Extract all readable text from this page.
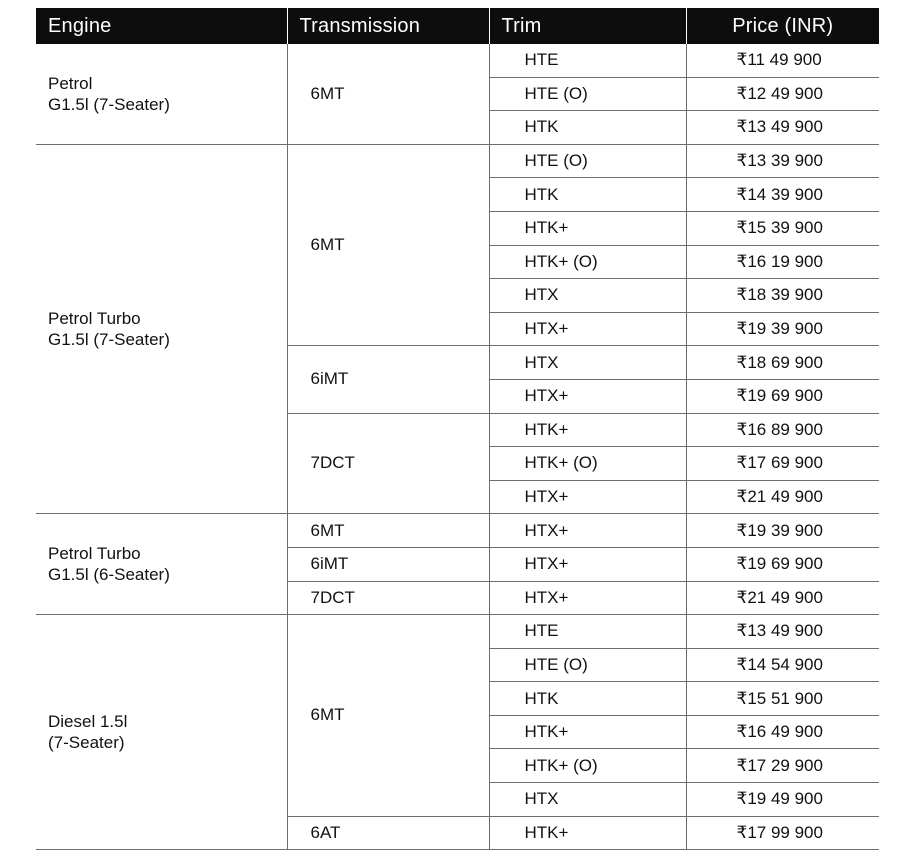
Engine	Transmission	Trim	Price (INR)

Petrol
G1.5l (7-Seater)	6MT	HTE	₹11 49 900
		HTE (O)	₹12 49 900
		HTK	₹13 49 900

Petrol Turbo
G1.5l (7-Seater)	6MT	HTE (O)	₹13 39 900
		HTK	₹14 39 900
		HTK+	₹15 39 900
		HTK+ (O)	₹16 19 900
		HTX	₹18 39 900
		HTX+	₹19 39 900
	6iMT	HTX	₹18 69 900
		HTX+	₹19 69 900
	7DCT	HTK+	₹16 89 900
		HTK+ (O)	₹17 69 900
		HTX+	₹21 49 900

Petrol Turbo
G1.5l (6-Seater)	6MT	HTX+	₹19 39 900
	6iMT	HTX+	₹19 69 900
	7DCT	HTX+	₹21 49 900

Diesel 1.5l
(7-Seater)	6MT	HTE	₹13 49 900
		HTE (O)	₹14 54 900
		HTK	₹15 51 900
		HTK+	₹16 49 900
		HTK+ (O)	₹17 29 900
		HTX	₹19 49 900
	6AT	HTK+	₹17 99 900
